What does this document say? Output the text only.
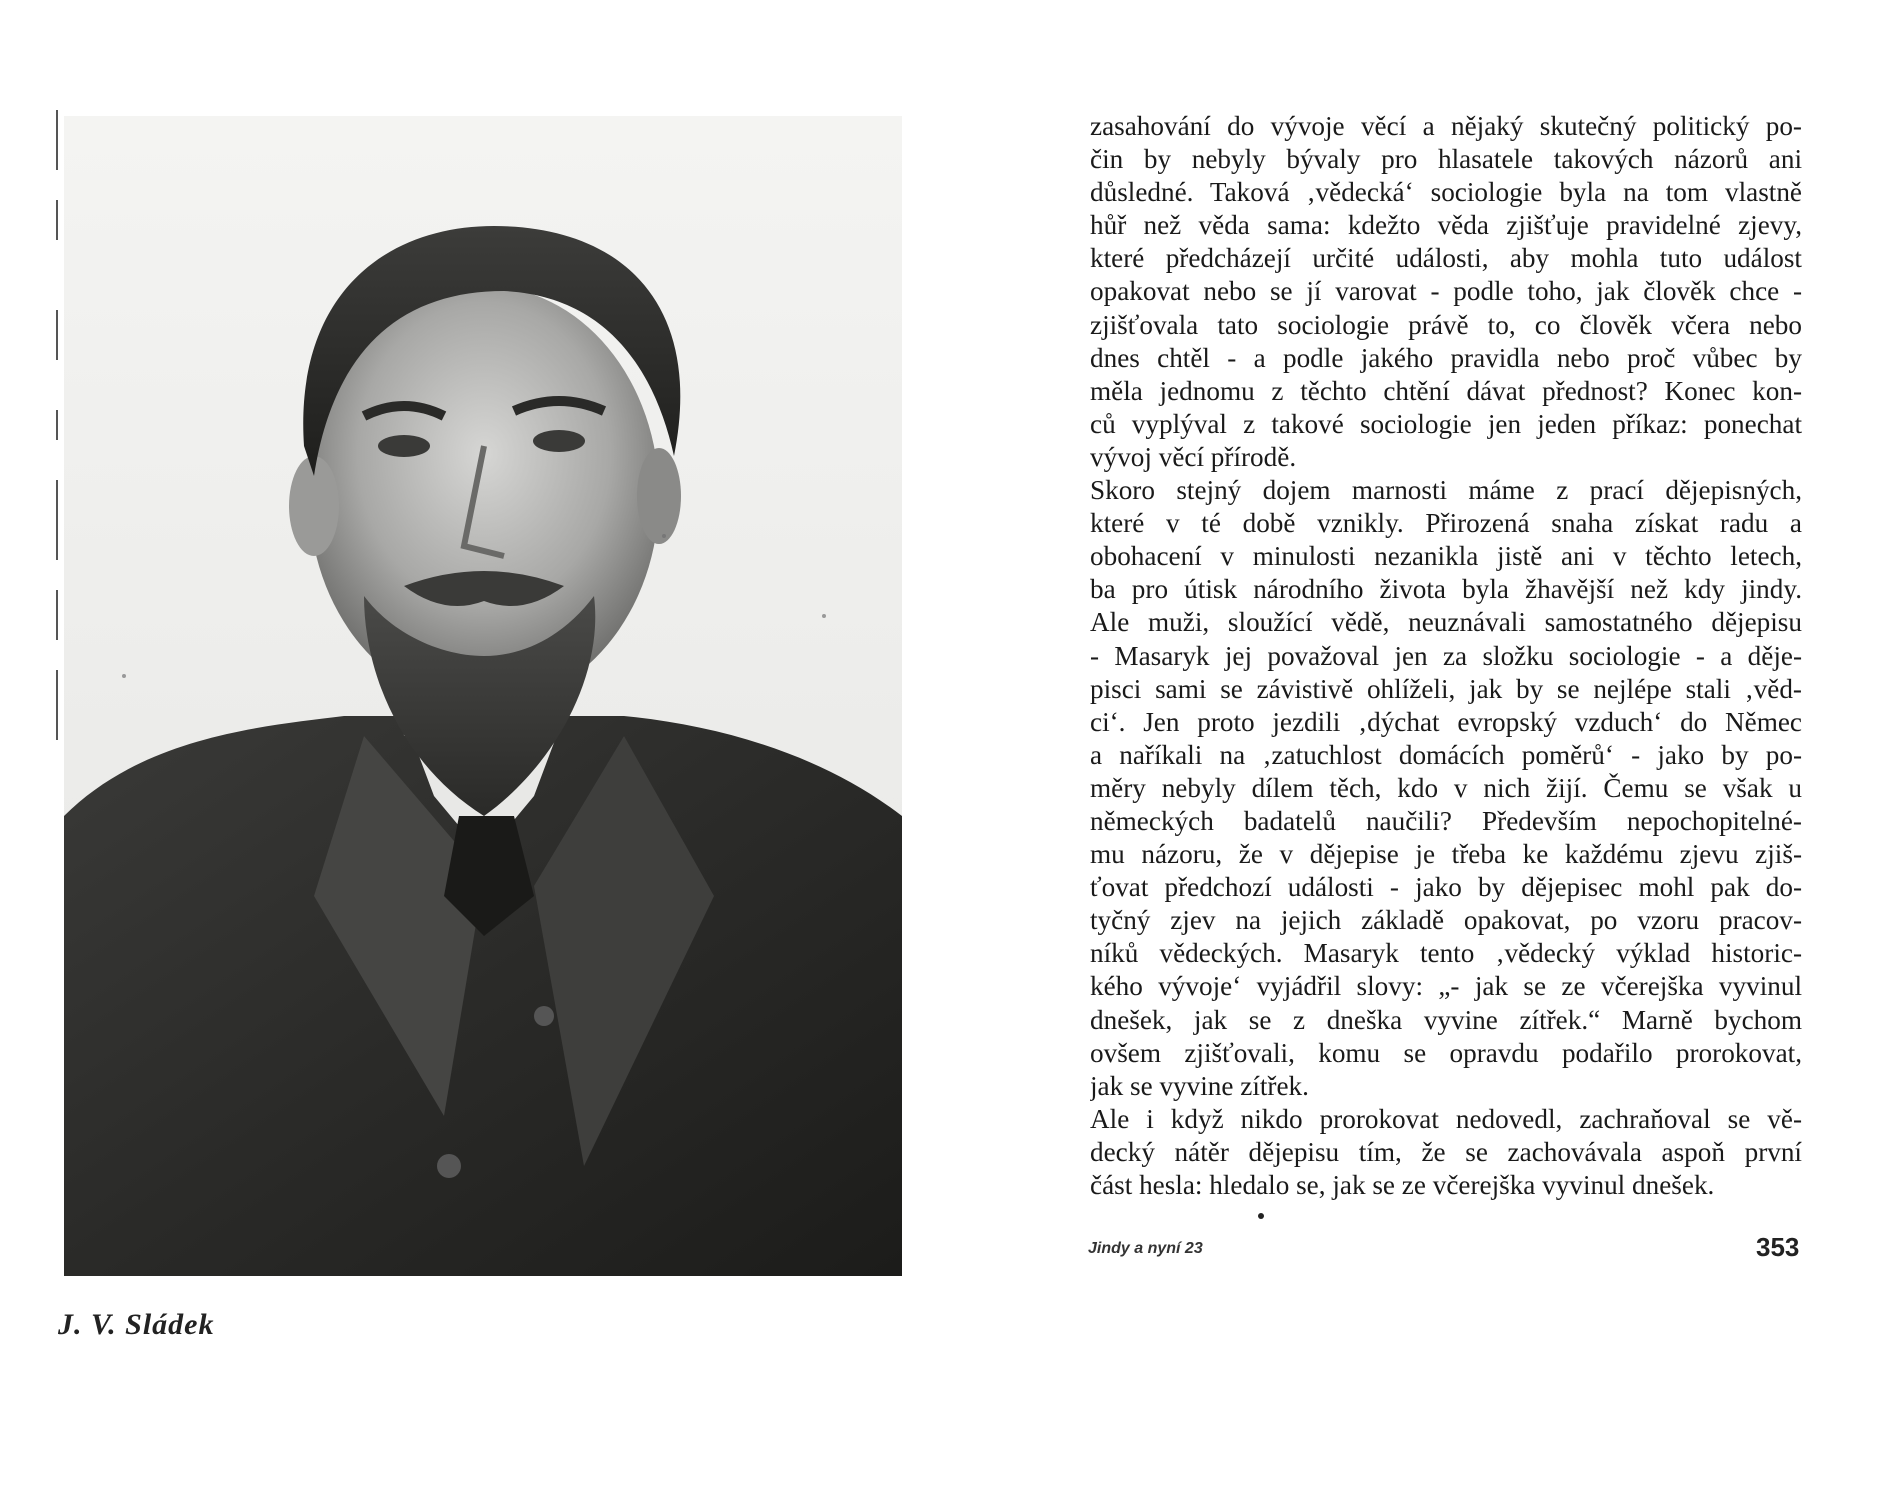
J. V. Sládek
zasahování do vývoje věcí a nějaký skutečný politický po-
čin by nebyly bývaly pro hlasatele takových názorů ani
důsledné. Taková ‚vědecká‘ sociologie byla na tom vlastně
hůř než věda sama: kdežto věda zjišťuje pravidelné zjevy,
které předcházejí určité události, aby mohla tuto událost
opakovat nebo se jí varovat - podle toho, jak člověk chce -
zjišťovala tato sociologie právě to, co člověk včera nebo
dnes chtěl - a podle jakého pravidla nebo proč vůbec by
měla jednomu z těchto chtění dávat přednost? Konec kon-
ců vyplýval z takové sociologie jen jeden příkaz: ponechat
vývoj věcí přírodě.
Skoro stejný dojem marnosti máme z prací dějepisných,
které v té době vznikly. Přirozená snaha získat radu a
obohacení v minulosti nezanikla jistě ani v těchto letech,
ba pro útisk národního života byla žhavější než kdy jindy.
Ale muži, sloužící vědě, neuznávali samostatného dějepisu
- Masaryk jej považoval jen za složku sociologie - a děje-
pisci sami se závistivě ohlíželi, jak by se nejlépe stali ‚věd-
ci‘. Jen proto jezdili ‚dýchat evropský vzduch‘ do Němec
a naříkali na ‚zatuchlost domácích poměrů‘ - jako by po-
měry nebyly dílem těch, kdo v nich žijí. Čemu se však u
německých badatelů naučili? Především nepochopitelné-
mu názoru, že v dějepise je třeba ke každému zjevu zjiš-
ťovat předchozí události - jako by dějepisec mohl pak do-
tyčný zjev na jejich základě opakovat, po vzoru pracov-
níků vědeckých. Masaryk tento ‚vědecký výklad historic-
kého vývoje‘ vyjádřil slovy: „- jak se ze včerejška vyvinul
dnešek, jak se z dneška vyvine zítřek.“ Marně bychom
ovšem zjišťovali, komu se opravdu podařilo prorokovat,
jak se vyvine zítřek.
Ale i když nikdo prorokovat nedovedl, zachraňoval se vě-
decký nátěr dějepisu tím, že se zachovávala aspoň první
část hesla: hledalo se, jak se ze včerejška vyvinul dnešek.
Jindy a nyní 23	353
